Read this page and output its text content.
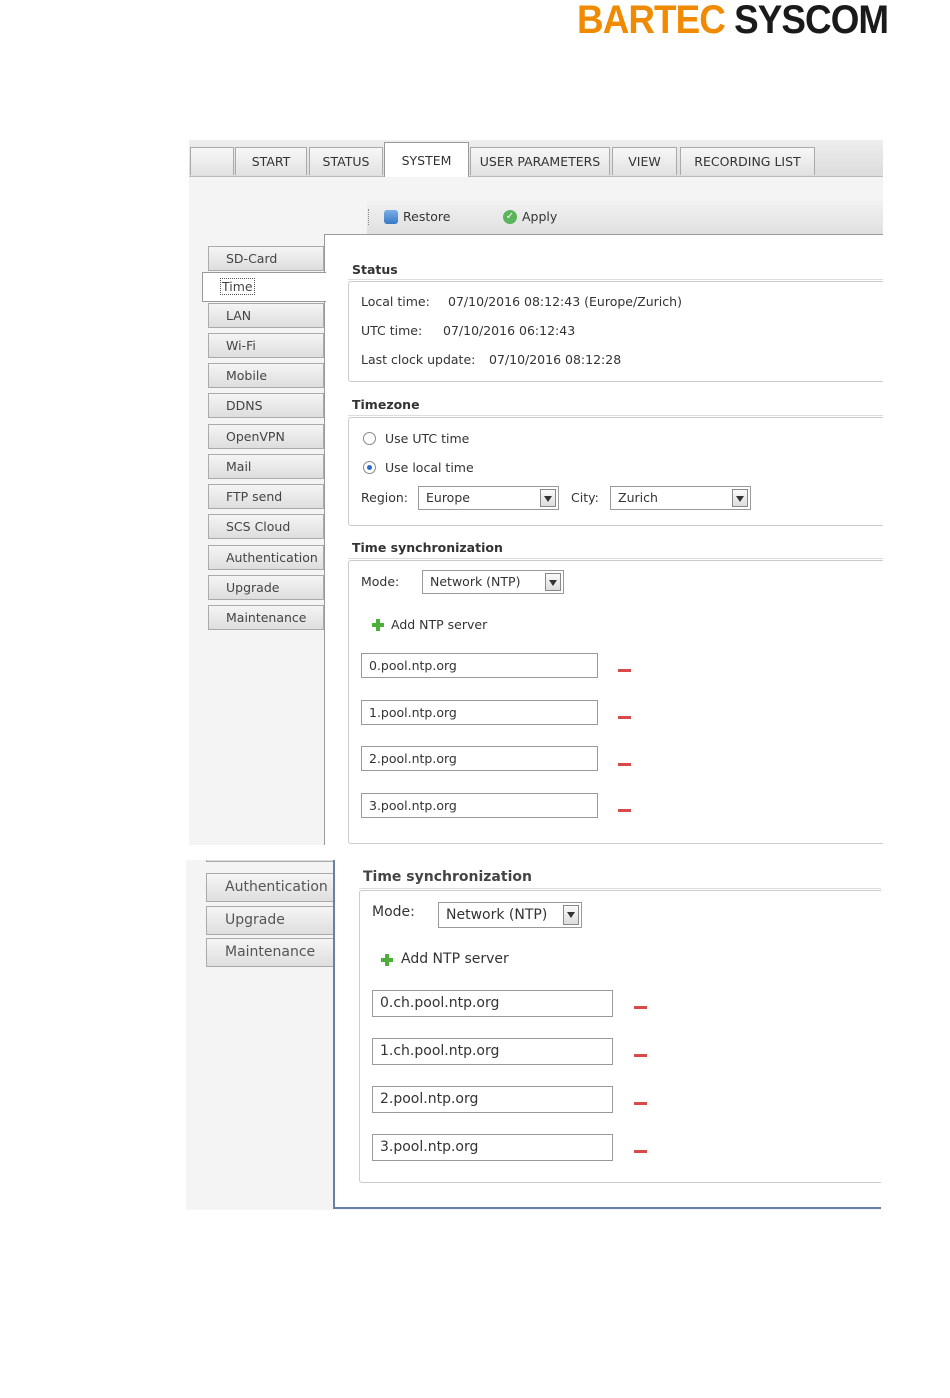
BARTEC SYSCOM
START	STATUS	SYSTEM	USER PARAMETERS	VIEW	RECORDING LIST
Restore	✓ Apply
SD-Card
Time
LAN
Wi-Fi
Mobile
DDNS
OpenVPN
Mail
FTP send
SCS Cloud
Authentication
Upgrade
Maintenance
Status
Local time: 07/10/2016 08:12:43 (Europe/Zurich)
UTC time: 07/10/2016 06:12:43
Last clock update: 07/10/2016 08:12:28
Timezone
Use UTC time
Use local time
Region:	Europe	City:	Zurich
Time synchronization
Mode:	Network (NTP)
Add NTP server
0.pool.ntp.org
1.pool.ntp.org
2.pool.ntp.org
3.pool.ntp.org
Authentication
Upgrade
Maintenance
Time synchronization
Mode:	Network (NTP)
Add NTP server
0.ch.pool.ntp.org
1.ch.pool.ntp.org
2.pool.ntp.org
3.pool.ntp.org
